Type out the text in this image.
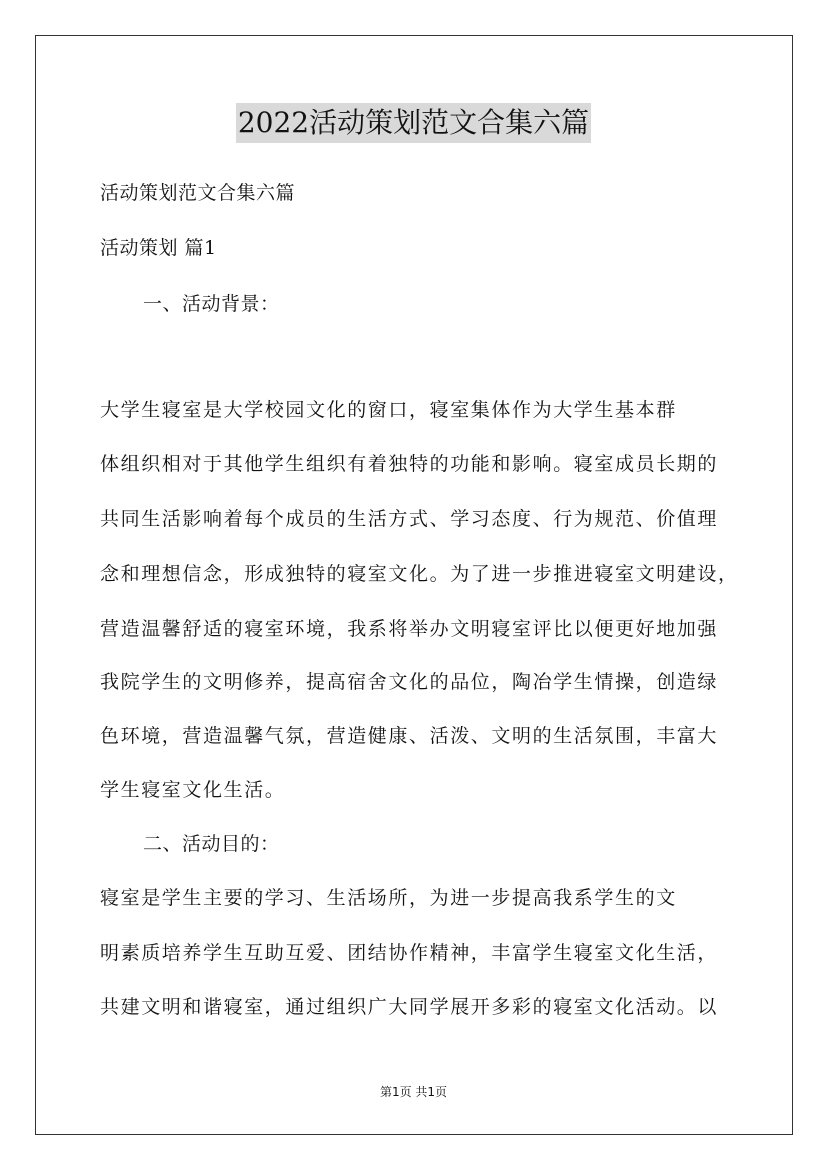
2022活动策划范文合集六篇

活动策划范文合集六篇

活动策划 篇1

一、活动背景：

大学生寝室是大学校园文化的窗口，寝室集体作为大学生基本群

体组织相对于其他学生组织有着独特的功能和影响。寝室成员长期的

共同生活影响着每个成员的生活方式、学习态度、行为规范、价值理

念和理想信念，形成独特的寝室文化。为了进一步推进寝室文明建设，

营造温馨舒适的寝室环境，我系将举办文明寝室评比以便更好地加强

我院学生的文明修养，提高宿舍文化的品位，陶冶学生情操，创造绿

色环境，营造温馨气氛，营造健康、活泼、文明的生活氛围，丰富大

学生寝室文化生活。

二、活动目的：

寝室是学生主要的学习、生活场所，为进一步提高我系学生的文

明素质培养学生互助互爱、团结协作精神，丰富学生寝室文化生活，

共建文明和谐寝室，通过组织广大同学展开多彩的寝室文化活动。以

第1页 共1页
